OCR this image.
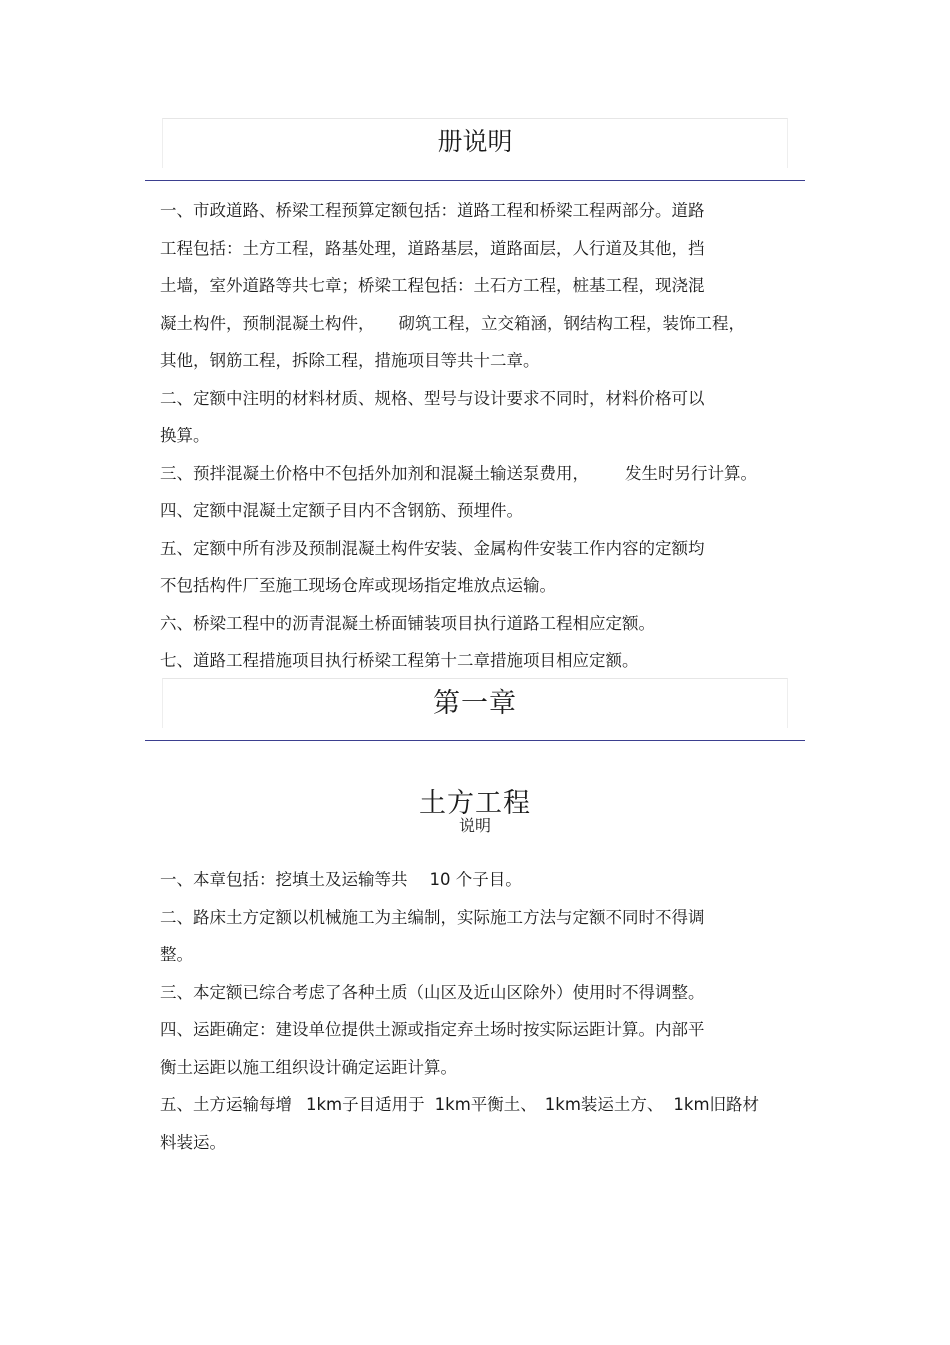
册说明
一、市政道路、桥梁工程预算定额包括：道路工程和桥梁工程两部分。道路
工程包括：土方工程，路基处理，道路基层，道路面层，人行道及其他，挡
土墙，室外道路等共七章；桥梁工程包括：土石方工程，桩基工程，现浇混
凝土构件，预制混凝土构件， 砌筑工程，立交箱涵，钢结构工程，装饰工程，
其他，钢筋工程，拆除工程，措施项目等共十二章。
二、定额中注明的材料材质、规格、型号与设计要求不同时，材料价格可以
换算。
三、预拌混凝土价格中不包括外加剂和混凝土输送泵费用， 发生时另行计算。
四、定额中混凝土定额子目内不含钢筋、预埋件。
五、定额中所有涉及预制混凝土构件安装、金属构件安装工作内容的定额均
不包括构件厂至施工现场仓库或现场指定堆放点运输。
六、桥梁工程中的沥青混凝土桥面铺装项目执行道路工程相应定额。
七、道路工程措施项目执行桥梁工程第十二章措施项目相应定额。
第一章
土方工程
说明
一、本章包括：挖填土及运输等共 10 个子目。
二、路床土方定额以机械施工为主编制，实际施工方法与定额不同时不得调
整。
三、本定额已综合考虑了各种土质（山区及近山区除外）使用时不得调整。
四、运距确定：建设单位提供土源或指定弃土场时按实际运距计算。内部平
衡土运距以施工组织设计确定运距计算。
五、土方运输每增 1km子目适用于 1km平衡土、 1km装运土方、 1km旧路材
料装运。
